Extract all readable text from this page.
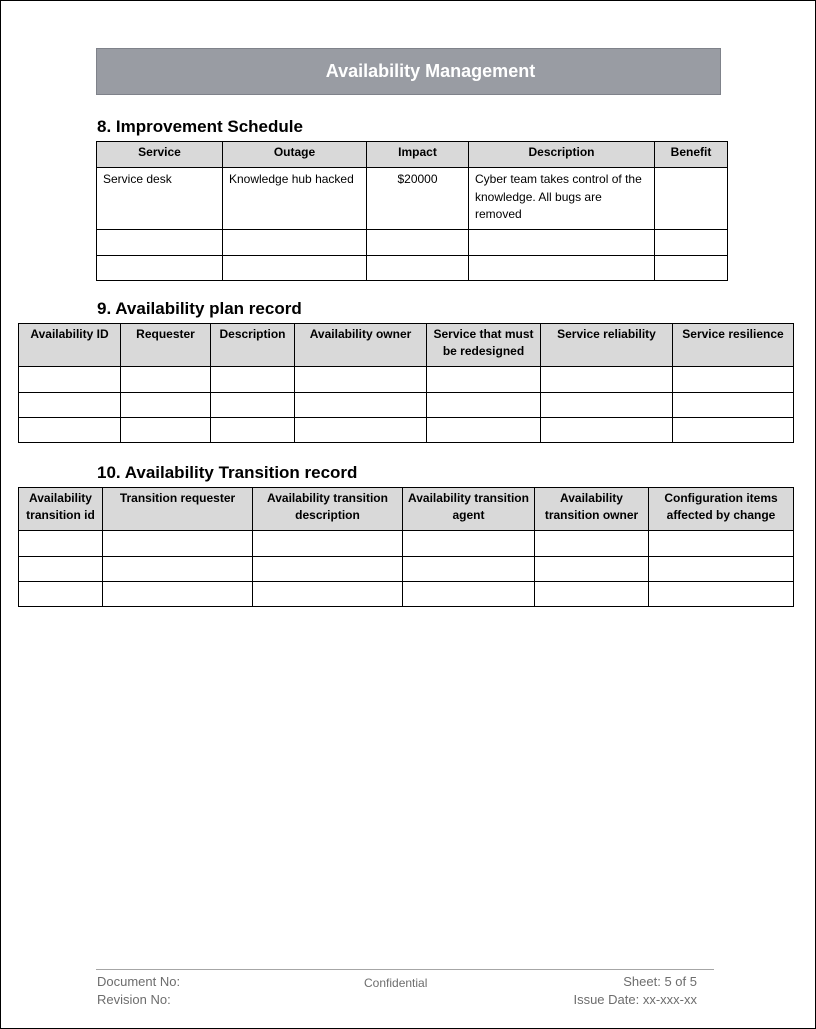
Availability Management
8. Improvement Schedule
Service	Outage	Impact	Description	Benefit
Service desk	Knowledge hub hacked	$20000	Cyber team takes control of the knowledge. All bugs are removed	

9. Availability plan record
Availability ID	Requester	Description	Availability owner	Service that must be redesigned	Service reliability	Service resilience

10. Availability Transition record
Availability transition id	Transition requester	Availability transition description	Availability transition agent	Availability transition owner	Configuration items affected by change

Document No:	Confidential	Sheet: 5 of 5
Revision No:	Issue Date: xx-xxx-xx
